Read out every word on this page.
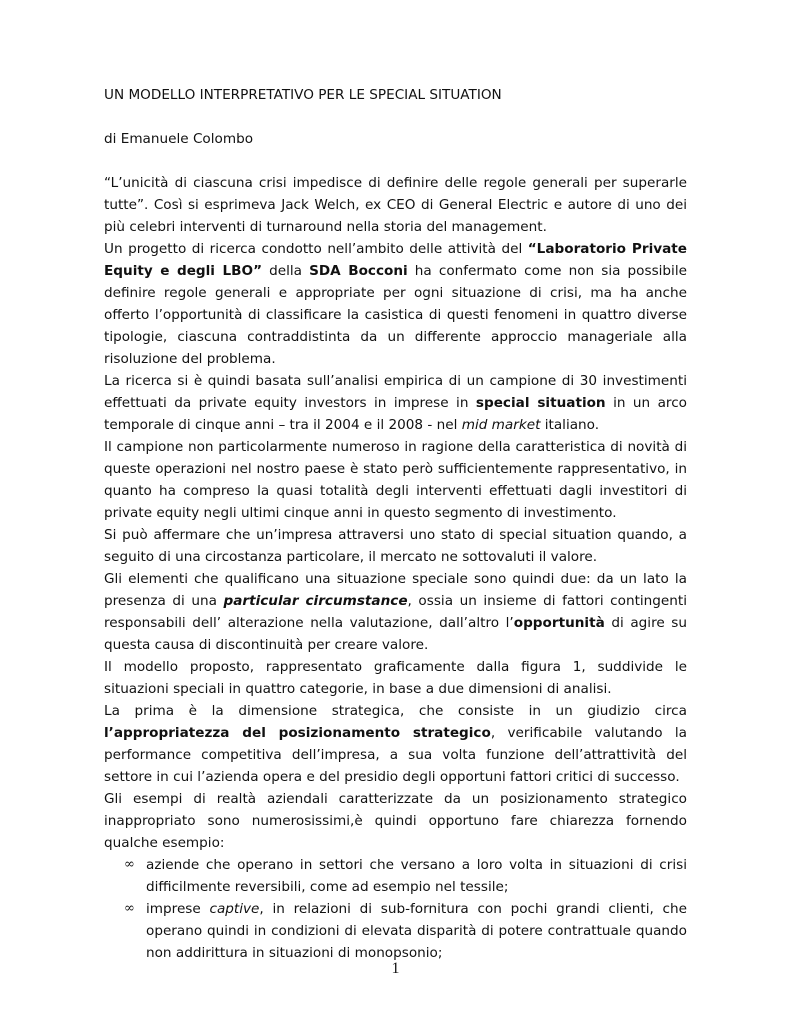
UN MODELLO INTERPRETATIVO PER LE SPECIAL SITUATION

di Emanuele Colombo

“L’unicità di ciascuna crisi impedisce di definire delle regole generali per superarle tutte”. Così si esprimeva Jack Welch, ex CEO di General Electric e autore di uno dei più celebri interventi di turnaround nella storia del management.

Un progetto di ricerca condotto nell’ambito delle attività del “Laboratorio Private Equity e degli LBO” della SDA Bocconi ha confermato come non sia possibile definire regole generali e appropriate per ogni situazione di crisi, ma ha anche offerto l’opportunità di classificare la casistica di questi fenomeni in quattro diverse tipologie, ciascuna contraddistinta da un differente approccio manageriale alla risoluzione del problema.

La ricerca si è quindi basata sull’analisi empirica di un campione di 30 investimenti effettuati da private equity investors in imprese in special situation in un arco temporale di cinque anni – tra il 2004 e il 2008 - nel mid market italiano.

Il campione non particolarmente numeroso in ragione della caratteristica di novità di queste operazioni nel nostro paese è stato però sufficientemente rappresentativo, in quanto ha compreso la quasi totalità degli interventi effettuati dagli investitori di private equity negli ultimi cinque anni in questo segmento di investimento.

Si può affermare che un’impresa attraversi uno stato di special situation quando, a seguito di una circostanza particolare, il mercato ne sottovaluti il valore.

Gli elementi che qualificano una situazione speciale sono quindi due: da un lato la presenza di una particular circumstance, ossia un insieme di fattori contingenti responsabili dell’ alterazione nella valutazione, dall’altro l’opportunità di agire su questa causa di discontinuità per creare valore.

Il modello proposto, rappresentato graficamente dalla figura 1, suddivide le situazioni speciali in quattro categorie, in base a due dimensioni di analisi.

La prima è la dimensione strategica, che consiste in un giudizio circa l’appropriatezza del posizionamento strategico, verificabile valutando la performance competitiva dell’impresa, a sua volta funzione dell’attrattività del settore in cui l’azienda opera e del presidio degli opportuni fattori critici di successo.

Gli esempi di realtà aziendali caratterizzate da un posizionamento strategico inappropriato sono numerosissimi,è quindi opportuno fare chiarezza fornendo qualche esempio:

∞ aziende che operano in settori che versano a loro volta in situazioni di crisi difficilmente reversibili, come ad esempio nel tessile;
∞ imprese captive, in relazioni di sub-fornitura con pochi grandi clienti, che operano quindi in condizioni di elevata disparità di potere contrattuale quando non addirittura in situazioni di monopsonio;
1
